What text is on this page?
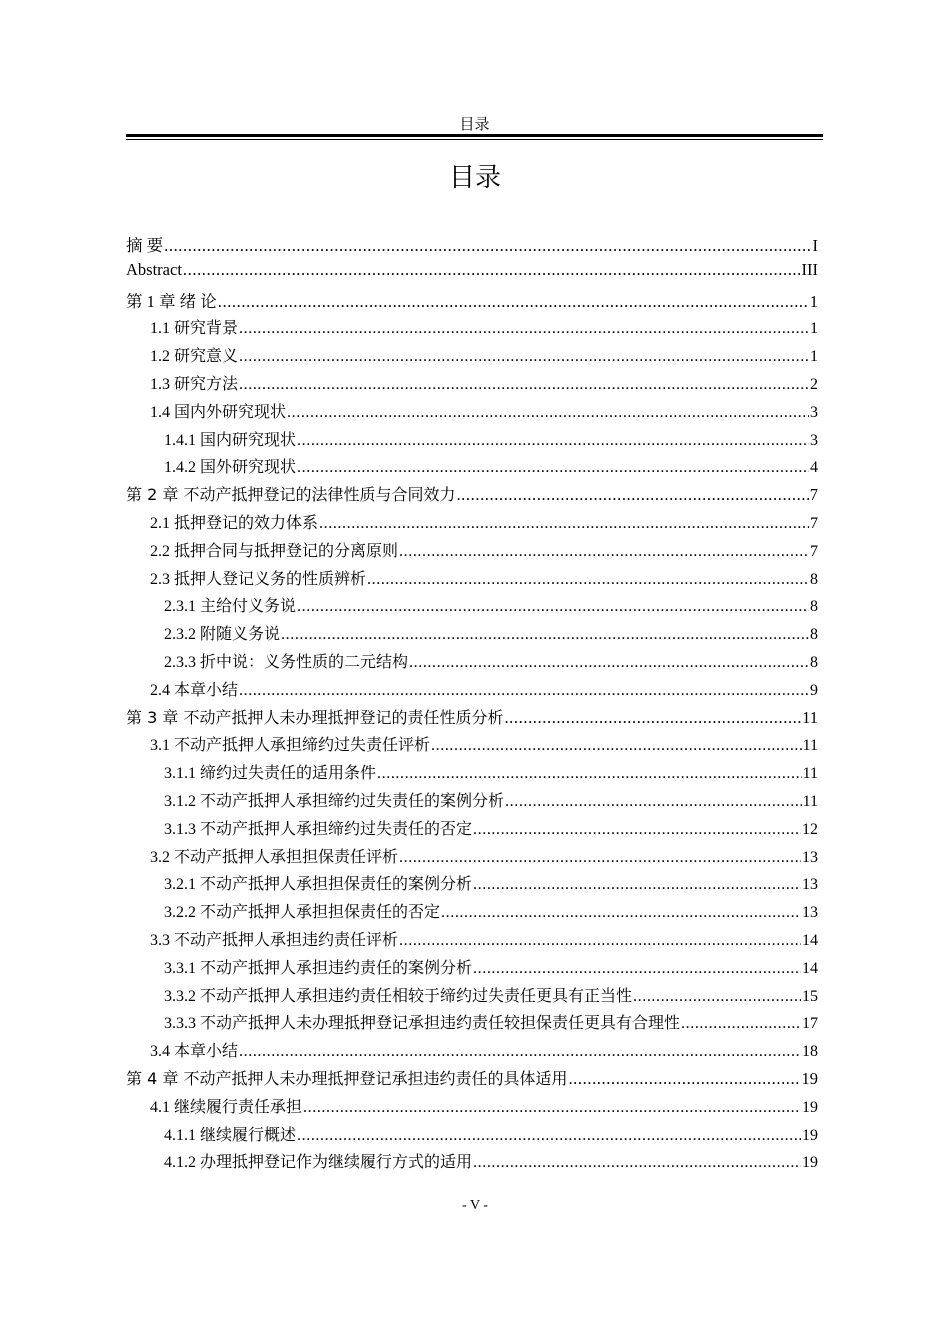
目录
目录
摘 要 .....	I
Abstract .....	III
第 1 章 绪 论 .....	1
1.1 研究背景 .....	1
1.2 研究意义 .....	1
1.3 研究方法 .....	2
1.4 国内外研究现状 .....	3
1.4.1 国内研究现状 .....	3
1.4.2 国外研究现状 .....	4
第 2 章 不动产抵押登记的法律性质与合同效力 .....	7
2.1 抵押登记的效力体系 .....	7
2.2 抵押合同与抵押登记的分离原则 .....	7
2.3 抵押人登记义务的性质辨析 .....	8
2.3.1 主给付义务说 .....	8
2.3.2 附随义务说 .....	8
2.3.3 折中说：义务性质的二元结构 .....	8
2.4 本章小结 .....	9
第 3 章 不动产抵押人未办理抵押登记的责任性质分析 .....	11
3.1 不动产抵押人承担缔约过失责任评析 .....	11
3.1.1 缔约过失责任的适用条件 .....	11
3.1.2 不动产抵押人承担缔约过失责任的案例分析 .....	11
3.1.3 不动产抵押人承担缔约过失责任的否定 .....	12
3.2 不动产抵押人承担担保责任评析 .....	13
3.2.1 不动产抵押人承担担保责任的案例分析 .....	13
3.2.2 不动产抵押人承担担保责任的否定 .....	13
3.3 不动产抵押人承担违约责任评析 .....	14
3.3.1 不动产抵押人承担违约责任的案例分析 .....	14
3.3.2 不动产抵押人承担违约责任相较于缔约过失责任更具有正当性 .....	15
3.3.3 不动产抵押人未办理抵押登记承担违约责任较担保责任更具有合理性 .....	17
3.4 本章小结 .....	18
第 4 章 不动产抵押人未办理抵押登记承担违约责任的具体适用 .....	19
4.1 继续履行责任承担 .....	19
4.1.1 继续履行概述 .....	19
4.1.2 办理抵押登记作为继续履行方式的适用 .....	19
- V -
